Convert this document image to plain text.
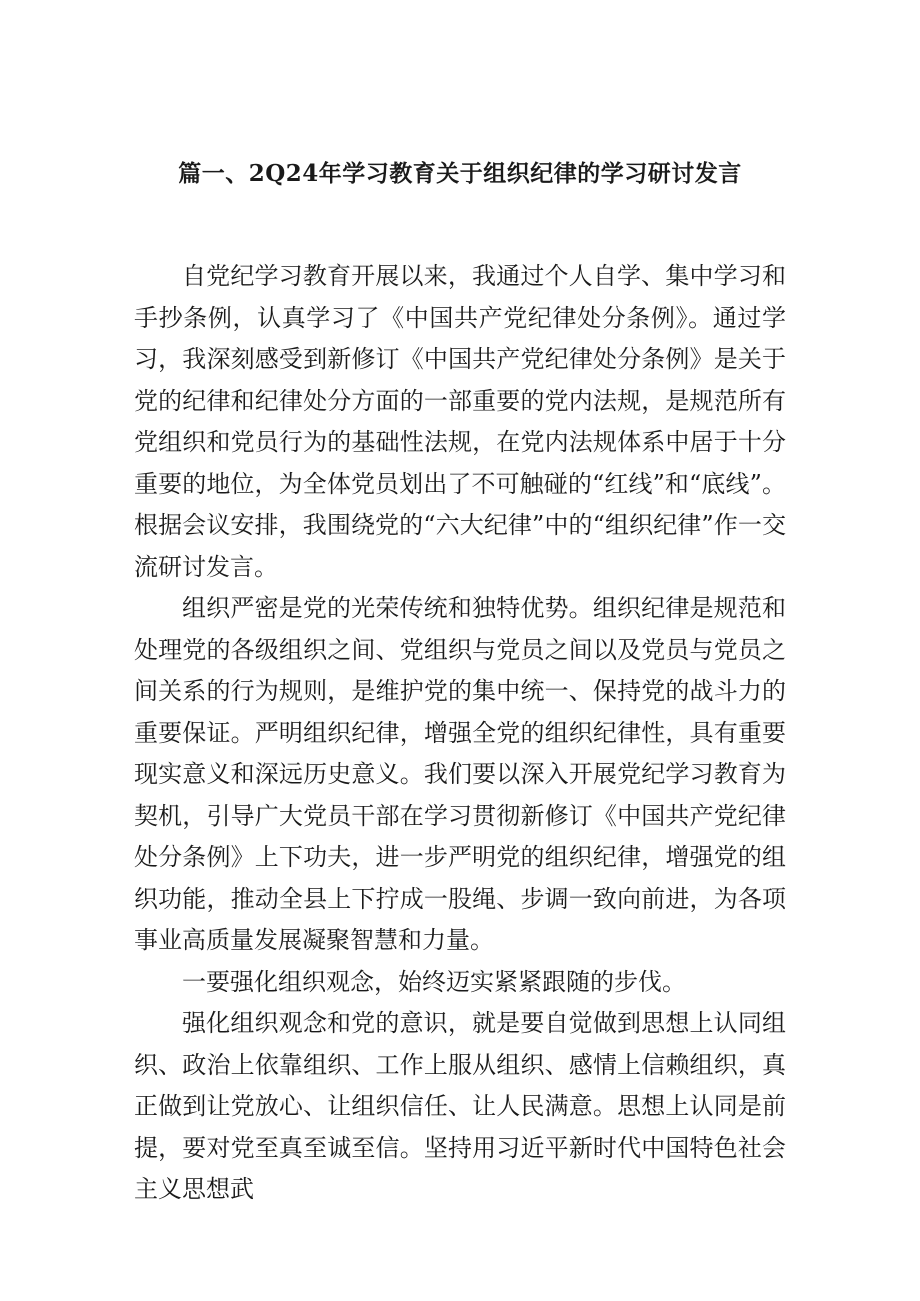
篇一、2Q24年学习教育关于组织纪律的学习研讨发言

自党纪学习教育开展以来，我通过个人自学、集中学习和手抄条例，认真学习了《中国共产党纪律处分条例》。通过学习，我深刻感受到新修订《中国共产党纪律处分条例》是关于党的纪律和纪律处分方面的一部重要的党内法规，是规范所有党组织和党员行为的基础性法规，在党内法规体系中居于十分重要的地位，为全体党员划出了不可触碰的“红线”和“底线”。根据会议安排，我围绕党的“六大纪律”中的“组织纪律”作一交流研讨发言。

组织严密是党的光荣传统和独特优势。组织纪律是规范和处理党的各级组织之间、党组织与党员之间以及党员与党员之间关系的行为规则，是维护党的集中统一、保持党的战斗力的重要保证。严明组织纪律，增强全党的组织纪律性，具有重要现实意义和深远历史意义。我们要以深入开展党纪学习教育为契机，引导广大党员干部在学习贯彻新修订《中国共产党纪律处分条例》上下功夫，进一步严明党的组织纪律，增强党的组织功能，推动全县上下拧成一股绳、步调一致向前进，为各项事业高质量发展凝聚智慧和力量。

一要强化组织观念，始终迈实紧紧跟随的步伐。

强化组织观念和党的意识，就是要自觉做到思想上认同组织、政治上依靠组织、工作上服从组织、感情上信赖组织，真正做到让党放心、让组织信任、让人民满意。思想上认同是前提，要对党至真至诚至信。坚持用习近平新时代中国特色社会主义思想武
